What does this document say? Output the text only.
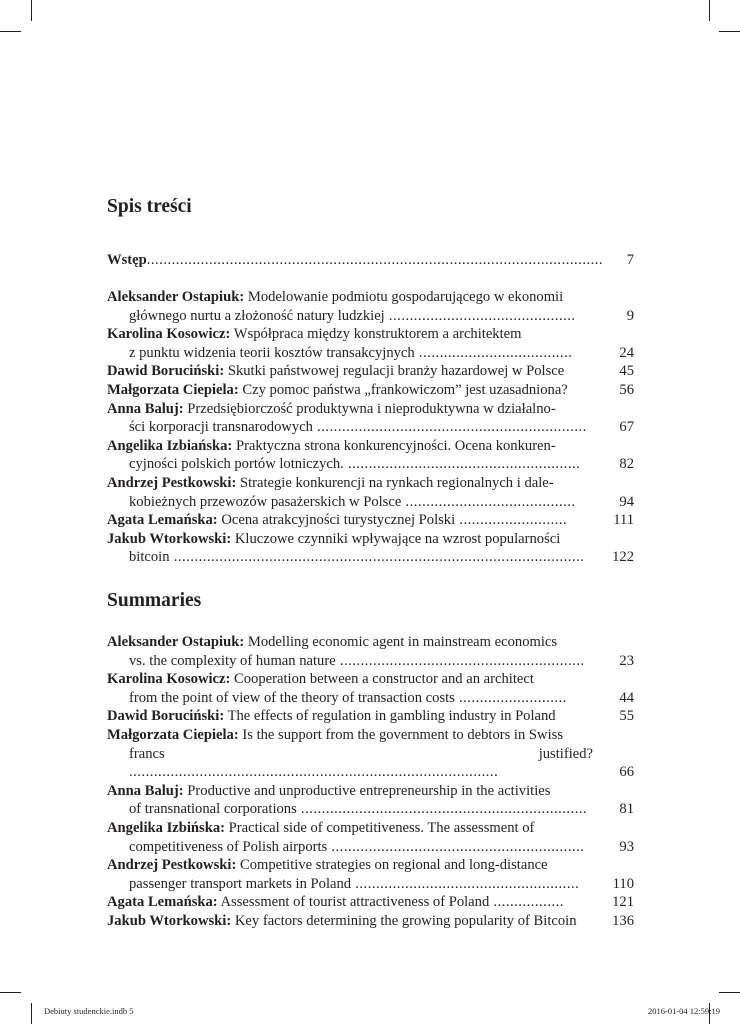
Spis treści
Wstęp..............................................................................................................	7
Aleksander Ostapiuk: Modelowanie podmiotu gospodarującego w ekonomii
głównego nurtu a złożoność natury ludzkiej .............................................	9
Karolina Kosowicz: Współpraca między konstruktorem a architektem
z punktu widzenia teorii kosztów transakcyjnych .....................................	24
Dawid Boruciński: Skutki państwowej regulacji branży hazardowej w Polsce	45
Małgorzata Ciepiela: Czy pomoc państwa „frankowiczom” jest uzasadniona?	56
Anna Baluj: Przedsiębiorczość produktywna i nieproduktywna w działalno-
ści korporacji transnarodowych .................................................................	67
Angelika Izbiańska: Praktyczna strona konkurencyjności. Ocena konkuren-
cyjności polskich portów lotniczych. ........................................................	82
Andrzej Pestkowski: Strategie konkurencji na rynkach regionalnych i dale-
kobieżnych przewozów pasażerskich w Polsce .........................................	94
Agata Lemańska: Ocena atrakcyjności turystycznej Polski ..........................	111
Jakub Wtorkowski: Kluczowe czynniki wpływające na wzrost popularności
bitcoin ...................................................................................................	122
Summaries
Aleksander Ostapiuk: Modelling economic agent in mainstream economics
vs. the complexity of human nature ...........................................................	23
Karolina Kosowicz: Cooperation between a constructor and an architect
from the point of view of the theory of transaction costs ..........................	44
Dawid Boruciński: The effects of regulation in gambling industry in Poland	55
Małgorzata Ciepiela: Is the support from the government to debtors in Swiss
francs justified? .........................................................................................	66
Anna Baluj: Productive and unproductive entrepreneurship in the activities
of transnational corporations .....................................................................	81
Angelika Izbińska: Practical side of competitiveness. The assessment of
competitiveness of Polish airports .............................................................	93
Andrzej Pestkowski: Competitive strategies on regional and long-distance
passenger transport markets in Poland ......................................................	110
Agata Lemańska: Assessment of tourist attractiveness of Poland .................	121
Jakub Wtorkowski: Key factors determining the growing popularity of Bitcoin	136
Debiuty studenckie.indb 5	2016-01-04 12:59:19
